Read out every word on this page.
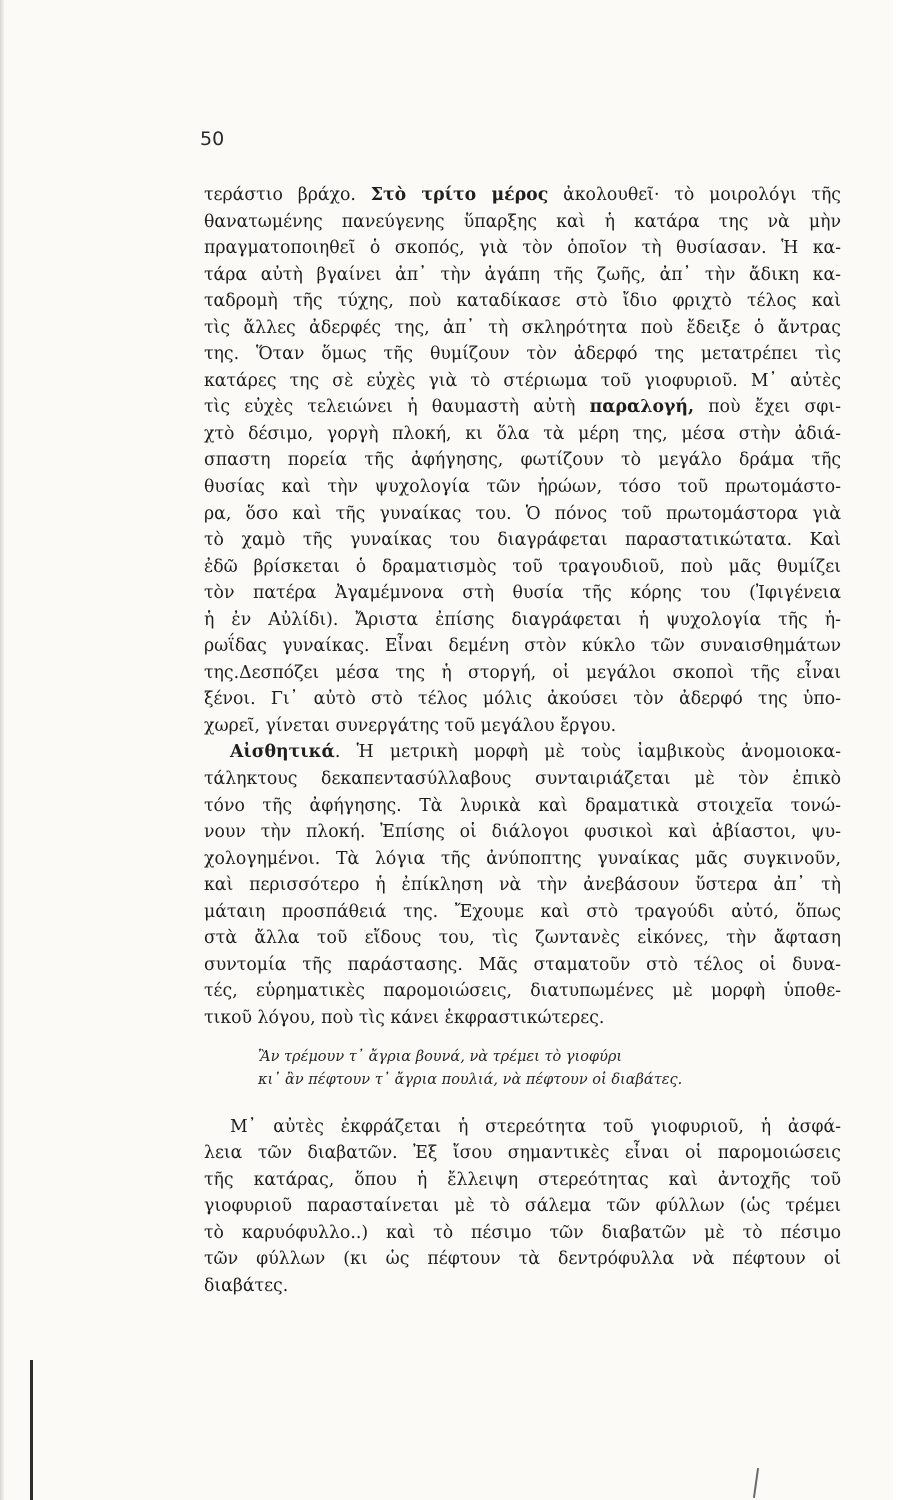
50
τεράστιο βράχο. Στὸ τρίτο μέρος ἀκολουθεῖ· τὸ μοιρολόγι τῆς
θανατωμένης πανεύγενης ὕπαρξης καὶ ἡ κατάρα της νὰ μὴν
πραγματοποιηθεῖ ὁ σκοπός, γιὰ τὸν ὁποῖον τὴ θυσίασαν. Ἡ κα-
τάρα αὐτὴ βγαίνει ἀπ᾿ τὴν ἀγάπη τῆς ζωῆς, ἀπ᾿ τὴν ἄδικη κα-
ταδρομὴ τῆς τύχης, ποὺ καταδίκασε στὸ ἴδιο φριχτὸ τέλος καὶ
τὶς ἄλλες ἀδερφές της, ἀπ᾿ τὴ σκληρότητα ποὺ ἔδειξε ὁ ἄντρας
της. Ὅταν ὅμως τῆς θυμίζουν τὸν ἀδερφό της μετατρέπει τὶς
κατάρες της σὲ εὐχὲς γιὰ τὸ στέριωμα τοῦ γιοφυριοῦ. Μ᾿ αὐτὲς
τὶς εὐχὲς τελειώνει ἡ θαυμαστὴ αὐτὴ παραλογή, ποὺ ἔχει σφι-
χτὸ δέσιμο, γοργὴ πλοκή, κι ὅλα τὰ μέρη της, μέσα στὴν ἀδιά-
σπαστη πορεία τῆς ἀφήγησης, φωτίζουν τὸ μεγάλο δράμα τῆς
θυσίας καὶ τὴν ψυχολογία τῶν ἡρώων, τόσο τοῦ πρωτομάστο-
ρα, ὅσο καὶ τῆς γυναίκας του. Ὁ πόνος τοῦ πρωτομάστορα γιὰ
τὸ χαμὸ τῆς γυναίκας του διαγράφεται παραστατικώτατα. Καὶ
ἐδῶ βρίσκεται ὁ δραματισμὸς τοῦ τραγουδιοῦ, ποὺ μᾶς θυμίζει
τὸν πατέρα Ἀγαμέμνονα στὴ θυσία τῆς κόρης του (Ἰφιγένεια
ἡ ἐν Αὐλίδι). Ἄριστα ἐπίσης διαγράφεται ἡ ψυχολογία τῆς ἡ-
ρωΐδας γυναίκας. Εἶναι δεμένη στὸν κύκλο τῶν συναισθημάτων
της.Δεσπόζει μέσα της ἡ στοργή, οἱ μεγάλοι σκοποὶ τῆς εἶναι
ξένοι. Γι᾿ αὐτὸ στὸ τέλος μόλις ἀκούσει τὸν ἀδερφό της ὑπο-
χωρεῖ, γίνεται συνεργάτης τοῦ μεγάλου ἔργου.
Αἰσθητικά. Ἡ μετρικὴ μορφὴ μὲ τοὺς ἰαμβικοὺς ἀνομοιοκα-
τάληκτους δεκαπεντασύλλαβους συνταιριάζεται μὲ τὸν ἐπικὸ
τόνο τῆς ἀφήγησης. Τὰ λυρικὰ καὶ δραματικὰ στοιχεῖα τονώ-
νουν τὴν πλοκή. Ἐπίσης οἱ διάλογοι φυσικοὶ καὶ ἀβίαστοι, ψυ-
χολογημένοι. Τὰ λόγια τῆς ἀνύποπτης γυναίκας μᾶς συγκινοῦν,
καὶ περισσότερο ἡ ἐπίκληση νὰ τὴν ἀνεβάσουν ὕστερα ἀπ᾿ τὴ
μάταιη προσπάθειά της. Ἔχουμε καὶ στὸ τραγούδι αὐτό, ὅπως
στὰ ἄλλα τοῦ εἴδους του, τὶς ζωντανὲς εἰκόνες, τὴν ἄφταση
συντομία τῆς παράστασης. Μᾶς σταματοῦν στὸ τέλος οἱ δυνα-
τές, εὑρηματικὲς παρομοιώσεις, διατυπωμένες μὲ μορφὴ ὑποθε-
τικοῦ λόγου, ποὺ τὶς κάνει ἐκφραστικώτερες.
Ἂν τρέμουν τ᾿ ἄγρια βουνά, νὰ τρέμει τὸ γιοφύρι
κι᾿ ἂν πέφτουν τ᾿ ἄγρια πουλιά, νὰ πέφτουν οἱ διαβάτες.
Μ᾿ αὐτὲς ἐκφράζεται ἡ στερεότητα τοῦ γιοφυριοῦ, ἡ ἀσφά-
λεια τῶν διαβατῶν. Ἐξ ἴσου σημαντικὲς εἶναι οἱ παρομοιώσεις
τῆς κατάρας, ὅπου ἡ ἔλλειψη στερεότητας καὶ ἀντοχῆς τοῦ
γιοφυριοῦ παρασταίνεται μὲ τὸ σάλεμα τῶν φύλλων (ὡς τρέμει
τὸ καρυόφυλλο..) καὶ τὸ πέσιμο τῶν διαβατῶν μὲ τὸ πέσιμο
τῶν φύλλων (κι ὡς πέφτουν τὰ δεντρόφυλλα νὰ πέφτουν οἱ
διαβάτες.
